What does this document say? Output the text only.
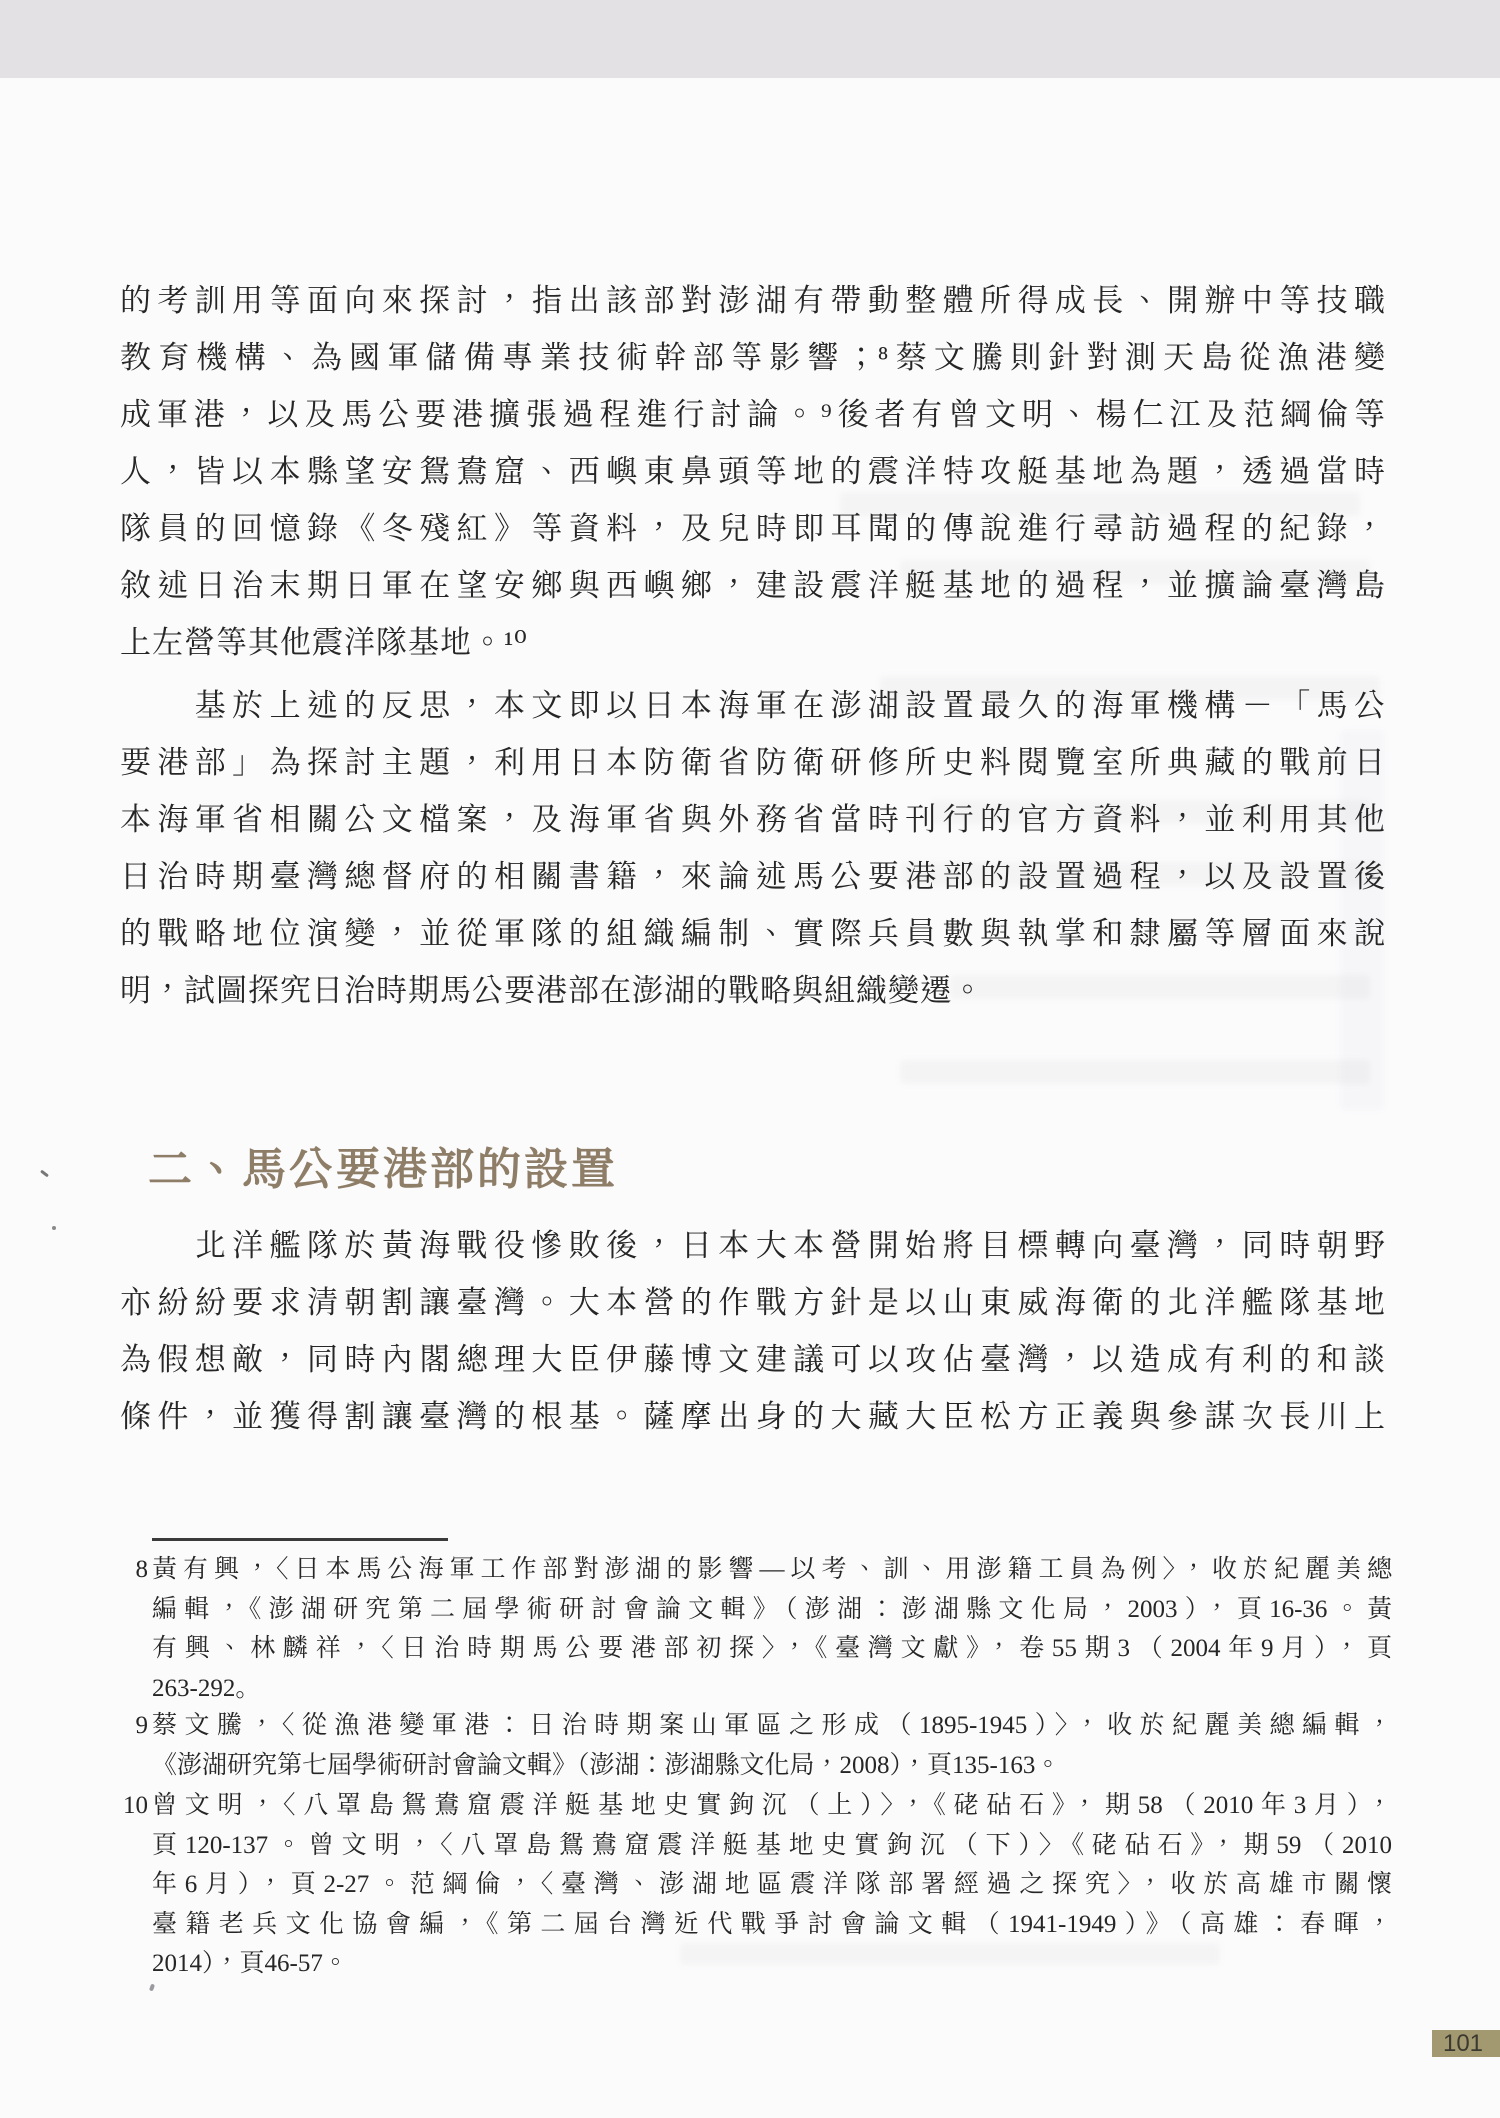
的考訓用等面向來探討，指出該部對澎湖有帶動整體所得成長、開辦中等技職
教育機構、為國軍儲備專業技術幹部等影響；⁸蔡文騰則針對測天島從漁港變
成軍港，以及馬公要港擴張過程進行討論。⁹後者有曾文明、楊仁江及范綱倫等
人，皆以本縣望安鴛鴦窟、西嶼東鼻頭等地的震洋特攻艇基地為題，透過當時
隊員的回憶錄《冬殘紅》等資料，及兒時即耳聞的傳說進行尋訪過程的紀錄，
敘述日治末期日軍在望安鄉與西嶼鄉，建設震洋艇基地的過程，並擴論臺灣島
上左營等其他震洋隊基地。¹⁰
　　基於上述的反思，本文即以日本海軍在澎湖設置最久的海軍機構－「馬公
要港部」為探討主題，利用日本防衛省防衛研修所史料閱覽室所典藏的戰前日
本海軍省相關公文檔案，及海軍省與外務省當時刊行的官方資料，並利用其他
日治時期臺灣總督府的相關書籍，來論述馬公要港部的設置過程，以及設置後
的戰略地位演變，並從軍隊的組織編制、實際兵員數與執掌和隸屬等層面來說
明，試圖探究日治時期馬公要港部在澎湖的戰略與組織變遷。
二、馬公要港部的設置
　　北洋艦隊於黃海戰役慘敗後，日本大本營開始將目標轉向臺灣，同時朝野
亦紛紛要求清朝割讓臺灣。大本營的作戰方針是以山東威海衛的北洋艦隊基地
為假想敵，同時內閣總理大臣伊藤博文建議可以攻佔臺灣，以造成有利的和談
條件，並獲得割讓臺灣的根基。薩摩出身的大藏大臣松方正義與參謀次長川上
8 黃有興，〈日本馬公海軍工作部對澎湖的影響—以考、訓、用澎籍工員為例〉，收於紀麗美總
編輯，《澎湖研究第二屆學術研討會論文輯》（澎湖：澎湖縣文化局，2003），頁16-36。黃
有興、林麟祥，〈日治時期馬公要港部初探〉，《臺灣文獻》，卷55期3（2004年9月），頁
263-292。
9 蔡文騰，〈從漁港變軍港：日治時期案山軍區之形成（1895-1945）〉，收於紀麗美總編輯，
《澎湖研究第七屆學術研討會論文輯》（澎湖：澎湖縣文化局，2008），頁135-163。
10 曾文明，〈八罩島鴛鴦窟震洋艇基地史實鉤沉（上）〉，《硓砧石》，期58（2010年3月），
頁120-137。曾文明，〈八罩島鴛鴦窟震洋艇基地史實鉤沉（下）〉《硓砧石》，期59（2010
年6月），頁2-27。范綱倫，〈臺灣、澎湖地區震洋隊部署經過之探究〉，收於高雄市關懷
臺籍老兵文化協會編，《第二屆台灣近代戰爭討會論文輯（1941-1949）》（高雄：春暉，
2014），頁46-57。
101
